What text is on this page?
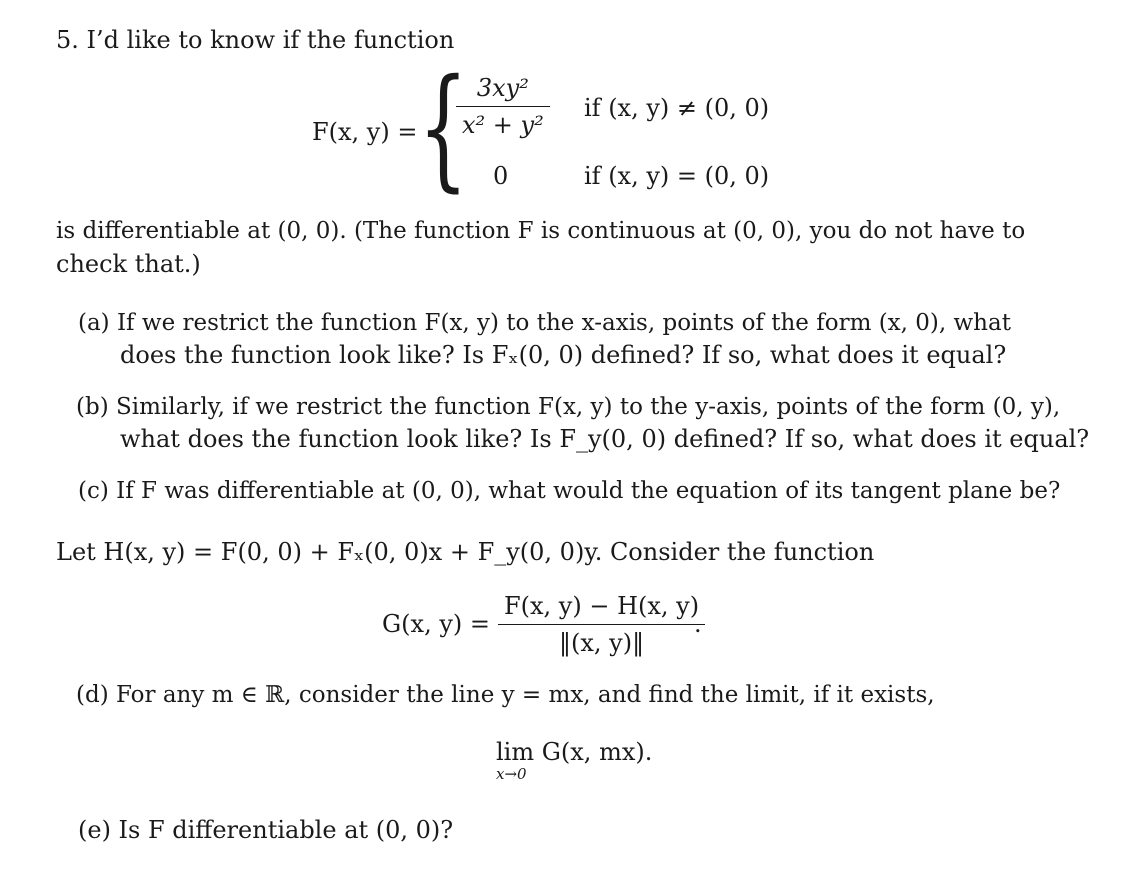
5. I’d like to know if the function
F(x, y) = {
$\frac{\text{3xy²}}{\text{x² + y²}}$ if (x, y) ≠ (0, 0)
0	if (x, y) = (0, 0)
is differentiable at (0, 0). (The function F is continuous at (0, 0), you do not have to
check that.)
(a) If we restrict the function F(x, y) to the x-axis, points of the form (x, 0), what
does the function look like? Is Fₓ(0, 0) defined? If so, what does it equal?
(b) Similarly, if we restrict the function F(x, y) to the y-axis, points of the form (0, y),
what does the function look like? Is F_y(0, 0) defined? If so, what does it equal?
(c) If F was differentiable at (0, 0), what would the equation of its tangent plane be?
Let H(x, y) = F(0, 0) + Fₓ(0, 0)x + F_y(0, 0)y. Consider the function
G(x, $y) = \frac{F(x, y) - H(x, y)}{‖(x, y)‖}$
.
(d) For any m ∈ ℝ, consider the line y = mx, and find the limit, if it exists,
lim G(x, mx).
x→0
(e) Is F differentiable at (0, 0)?
